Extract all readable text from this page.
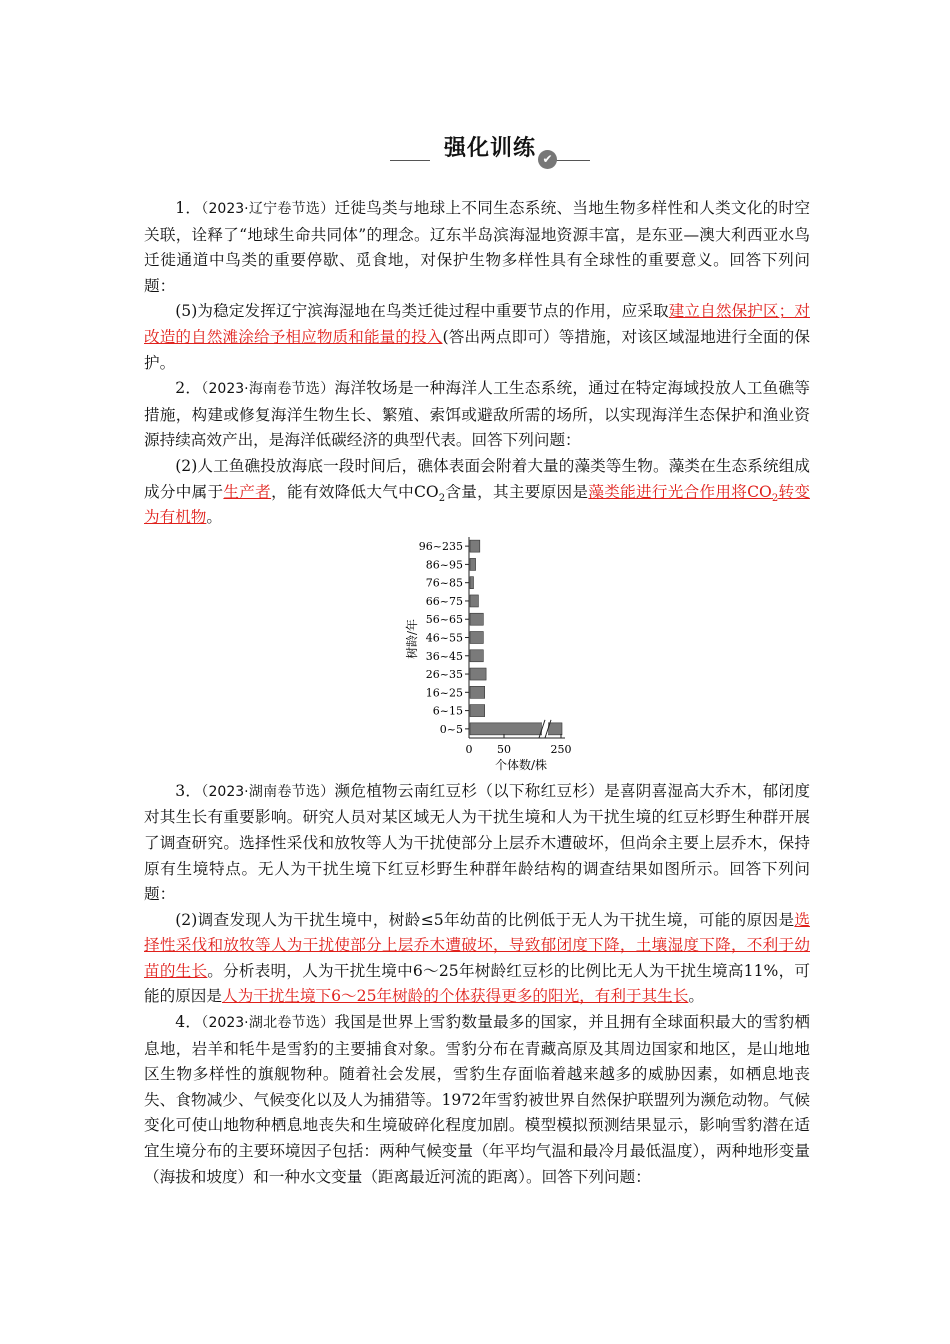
强化训练 ✔

1．（2023·辽宁卷节选）迁徙鸟类与地球上不同生态系统、当地生物多样性和人类文化的时空关联，诠释了“地球生命共同体”的理念。辽东半岛滨海湿地资源丰富，是东亚—澳大利西亚水鸟迁徙通道中鸟类的重要停歇、觅食地，对保护生物多样性具有全球性的重要意义。回答下列问题：

(5)为稳定发挥辽宁滨海湿地在鸟类迁徙过程中重要节点的作用，应采取建立自然保护区；对改造的自然滩涂给予相应物质和能量的投入(答出两点即可）等措施，对该区域湿地进行全面的保护。

2．（2023·海南卷节选）海洋牧场是一种海洋人工生态系统，通过在特定海域投放人工鱼礁等措施，构建或修复海洋生物生长、繁殖、索饵或避敌所需的场所，以实现海洋生态保护和渔业资源持续高效产出，是海洋低碳经济的典型代表。回答下列问题：

(2)人工鱼礁投放海底一段时间后，礁体表面会附着大量的藻类等生物。藻类在生态系统组成成分中属于生产者，能有效降低大气中$CO_2$含量，其主要原因是藻类能进行光合作用将$CO_2$转变为有机物。

0~5
6~15
16~25
26~35
36~45
46~55
56~65
66~75
76~85
86~95
96~235
0 50	250
个体数/株
树龄/年

3．（2023·湖南卷节选）濒危植物云南红豆杉（以下称红豆杉）是喜阴喜湿高大乔木，郁闭度对其生长有重要影响。研究人员对某区域无人为干扰生境和人为干扰生境的红豆杉野生种群开展了调查研究。选择性采伐和放牧等人为干扰使部分上层乔木遭破坏，但尚余主要上层乔木，保持原有生境特点。无人为干扰生境下红豆杉野生种群年龄结构的调查结果如图所示。回答下列问题：

(2)调查发现人为干扰生境中，树龄≤5年幼苗的比例低于无人为干扰生境，可能的原因是选择性采伐和放牧等人为干扰使部分上层乔木遭破坏，导致郁闭度下降，土壤湿度下降，不利于幼苗的生长。分析表明，人为干扰生境中6～25年树龄红豆杉的比例比无人为干扰生境高11%，可能的原因是人为干扰生境下6～25年树龄的个体获得更多的阳光，有利于其生长。

4．（2023·湖北卷节选）我国是世界上雪豹数量最多的国家，并且拥有全球面积最大的雪豹栖息地，岩羊和牦牛是雪豹的主要捕食对象。雪豹分布在青藏高原及其周边国家和地区，是山地地区生物多样性的旗舰物种。随着社会发展，雪豹生存面临着越来越多的威胁因素，如栖息地丧失、食物减少、气候变化以及人为捕猎等。1972年雪豹被世界自然保护联盟列为濒危动物。气候变化可使山地物种栖息地丧失和生境破碎化程度加剧。模型模拟预测结果显示，影响雪豹潜在适宜生境分布的主要环境因子包括：两种气候变量（年平均气温和最冷月最低温度），两种地形变量（海拔和坡度）和一种水文变量（距离最近河流的距离）。回答下列问题：
